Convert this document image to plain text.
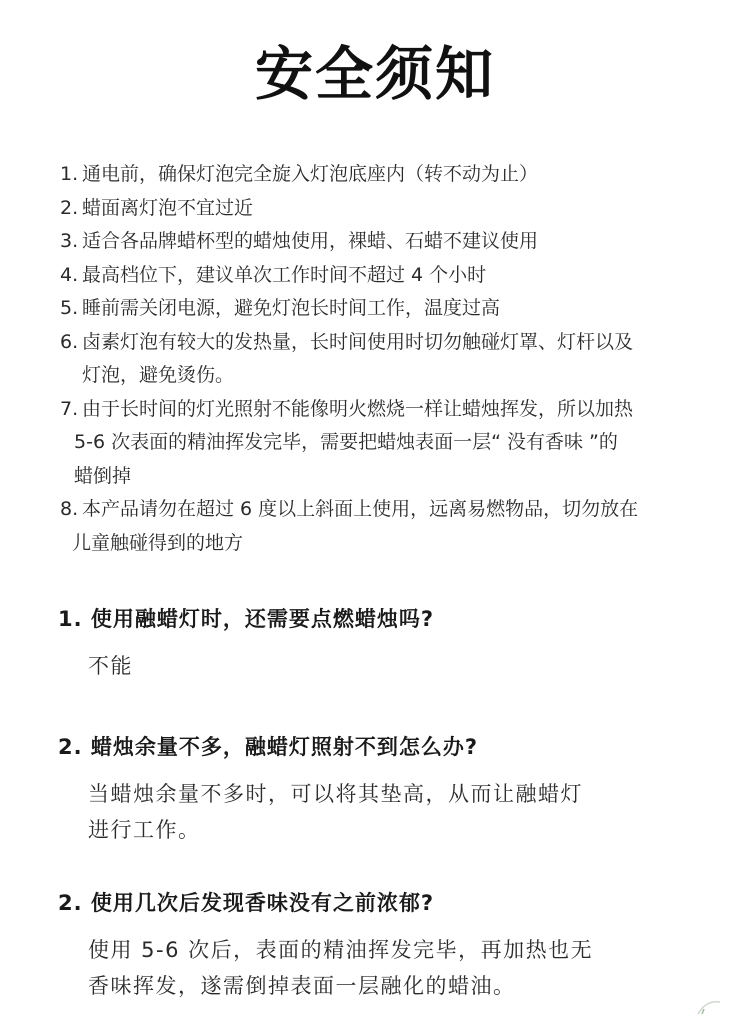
安全须知
1. 通电前，确保灯泡完全旋入灯泡底座内（转不动为止）
2. 蜡面离灯泡不宜过近
3. 适合各品牌蜡杯型的蜡烛使用，裸蜡、石蜡不建议使用
4. 最高档位下，建议单次工作时间不超过 4 个小时
5. 睡前需关闭电源，避免灯泡长时间工作，温度过高
6. 卤素灯泡有较大的发热量，长时间使用时切勿触碰灯罩、灯杆以及
灯泡，避免烫伤。
7. 由于长时间的灯光照射不能像明火燃烧一样让蜡烛挥发，所以加热
5-6 次表面的精油挥发完毕，需要把蜡烛表面一层“ 没有香味 ”的
蜡倒掉
8. 本产品请勿在超过 6 度以上斜面上使用，远离易燃物品，切勿放在
儿童触碰得到的地方
1. 使用融蜡灯时，还需要点燃蜡烛吗?
不能
2. 蜡烛余量不多，融蜡灯照射不到怎么办?
当蜡烛余量不多时，可以将其垫高，从而让融蜡灯
进行工作。
2. 使用几次后发现香味没有之前浓郁?
使用 5-6 次后，表面的精油挥发完毕，再加热也无
香味挥发，遂需倒掉表面一层融化的蜡油。
